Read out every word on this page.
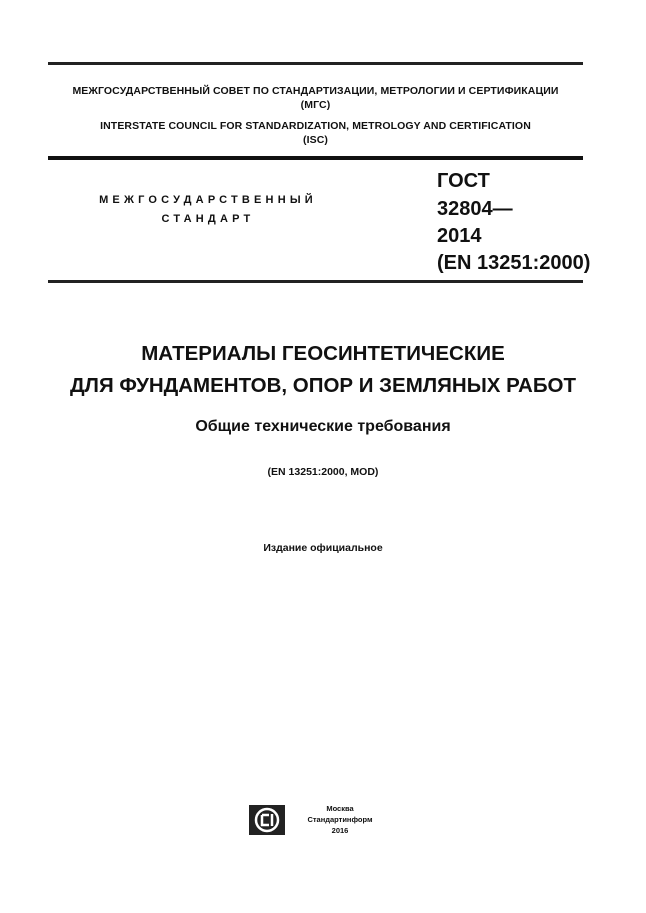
МЕЖГОСУДАРСТВЕННЫЙ СОВЕТ ПО СТАНДАРТИЗАЦИИ, МЕТРОЛОГИИ И СЕРТИФИКАЦИИ
(МГС)
INTERSTATE COUNCIL FOR STANDARDIZATION, METROLOGY AND CERTIFICATION
(ISC)
МЕЖГОСУДАРСТВЕННЫЙ
СТАНДАРТ
ГОСТ
32804—
2014
(EN 13251:2000)
МАТЕРИАЛЫ ГЕОСИНТЕТИЧЕСКИЕ
ДЛЯ ФУНДАМЕНТОВ, ОПОР И ЗЕМЛЯНЫХ РАБОТ
Общие технические требования
(EN 13251:2000, MOD)
Издание официальное
Москва
Стандартинформ
2016
